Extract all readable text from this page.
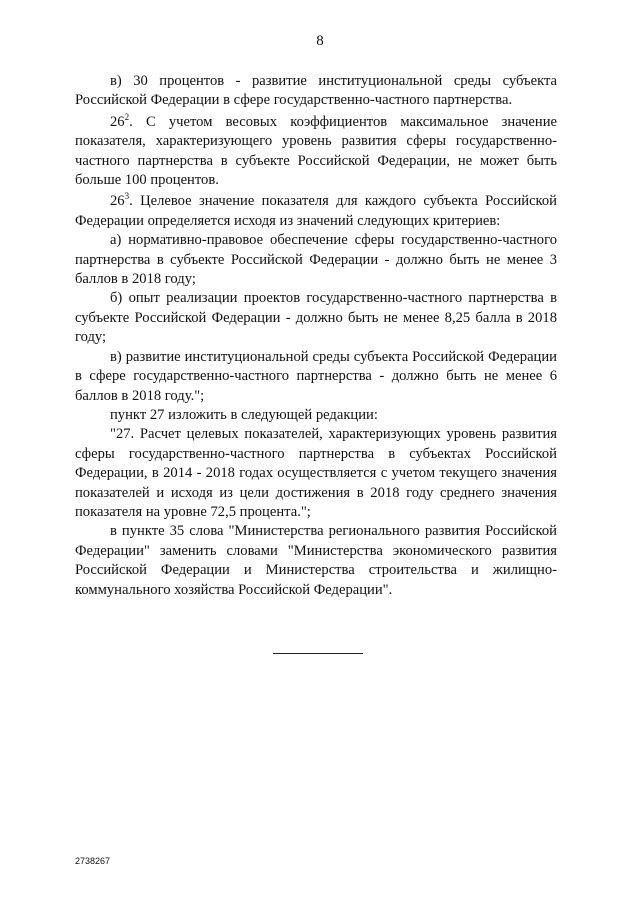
8

в) 30 процентов - развитие институциональной среды субъекта Российской Федерации в сфере государственно-частного партнерства.

$26^2$. С учетом весовых коэффициентов максимальное значение показателя, характеризующего уровень развития сферы государственно-частного партнерства в субъекте Российской Федерации, не может быть больше 100 процентов.

$26^3$. Целевое значение показателя для каждого субъекта Российской Федерации определяется исходя из значений следующих критериев:

а) нормативно-правовое обеспечение сферы государственно-частного партнерства в субъекте Российской Федерации - должно быть не менее 3 баллов в 2018 году;

б) опыт реализации проектов государственно-частного партнерства в субъекте Российской Федерации - должно быть не менее 8,25 балла в 2018 году;

в) развитие институциональной среды субъекта Российской Федерации в сфере государственно-частного партнерства - должно быть не менее 6 баллов в 2018 году.";

пункт 27 изложить в следующей редакции:

"27. Расчет целевых показателей, характеризующих уровень развития сферы государственно-частного партнерства в субъектах Российской Федерации, в 2014 - 2018 годах осуществляется с учетом текущего значения показателей и исходя из цели достижения в 2018 году среднего значения показателя на уровне 72,5 процента.";

в пункте 35 слова "Министерства регионального развития Российской Федерации" заменить словами "Министерства экономического развития Российской Федерации и Министерства строительства и жилищно-коммунального хозяйства Российской Федерации".

2738267
